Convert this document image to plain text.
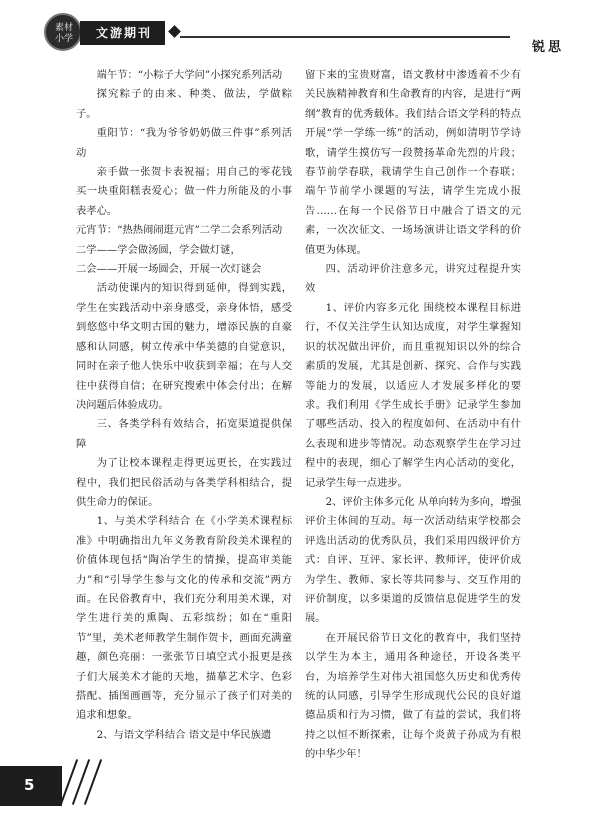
素材
小学	文游期刊
锐思

端午节：“小粽子大学问”小探究系列活动

探究粽子的由来、种类、做法，学做粽子。

重阳节：“我为爷爷奶奶做三件事”系列活动

亲手做一张贺卡表祝福；用自己的零花钱买一块重阳糕表爱心；做一件力所能及的小事表孝心。

元宵节：“热热闹闹逛元宵”二学二会系列活动

二学——学会做汤圆，学会做灯谜，

二会——开展一场圆会，开展一次灯谜会

活动使课内的知识得到延伸，得到实践，学生在实践活动中亲身感受，亲身体悟，感受到悠悠中华文明古国的魅力，增添民族的自豪感和认同感，树立传承中华美德的自觉意识，同时在亲子他人快乐中收获到幸福；在与人交往中获得自信；在研究搜索中体会付出；在解决问题后体验成功。

三、各类学科有效结合，拓宽渠道提供保障

为了让校本课程走得更远更长，在实践过程中，我们把民俗活动与各类学科相结合，提供生命力的保证。

1、与美术学科结合 在《小学美术课程标准》中明确指出九年义务教育阶段美术课程的价值体现包括“陶冶学生的情操，提高审美能力”和“引导学生参与文化的传承和交流”两方面。在民俗教育中，我们充分利用美术课，对学生进行美的熏陶、五彩缤纷；如在“重阳节”里，美术老师教学生制作贺卡，画面充满童趣，颜色亮丽：一张张节日填空式小报更是孩子们大展美术才能的天地，描摹艺术字、色彩搭配、插图画画等，充分显示了孩子们对美的追求和想象。

2、与语文学科结合 语文是中华民族遗

留下来的宝贵财富，语文教材中渗透着不少有关民族精神教育和生命教育的内容，是进行“两纲”教育的优秀载体。我们结合语文学科的特点开展“学一学练一练”的活动，例如清明节学诗歌，请学生摸仿写一段赞扬革命先烈的片段；春节前学春联，栽请学生自己创作一个春联；端午节前学小课题的写法，请学生完成小报告……在每一个民俗节日中融合了语文的元素，一次次征文、一场场演讲让语文学科的价值更为体现。

四、活动评价注意多元，讲究过程提升实效

1、评价内容多元化 围绕校本课程目标进行，不仅关注学生认知达成度，对学生掌握知识的状况做出评价，而且重视知识以外的综合素质的发展，尤其是创新、探究、合作与实践等能力的发展，以适应人才发展多样化的要求。我们利用《学生成长手册》记录学生参加了哪些活动、投入的程度如何、在活动中有什么表现和进步等情况。动态观察学生在学习过程中的表现，细心了解学生内心活动的变化，记录学生每一点进步。

2、评价主体多元化 从单向转为多向，增强评价主体间的互动。每一次活动结束学校都会评选出活动的优秀队员，我们采用四级评价方式：自评、互评、家长评、教师评，使评价成为学生、教师、家长等共同参与、交互作用的评价制度，以多渠道的反馈信息促进学生的发展。

在开展民俗节日文化的教育中，我们坚持以学生为本主，通用各种途径，开设各类平台，为培养学生对伟大祖国悠久历史和优秀传统的认同感，引导学生形成现代公民的良好道德品质和行为习惯，做了有益的尝试，我们将持之以恒不断探索，让每个炎黄子孙成为有根的中华少年！

5
